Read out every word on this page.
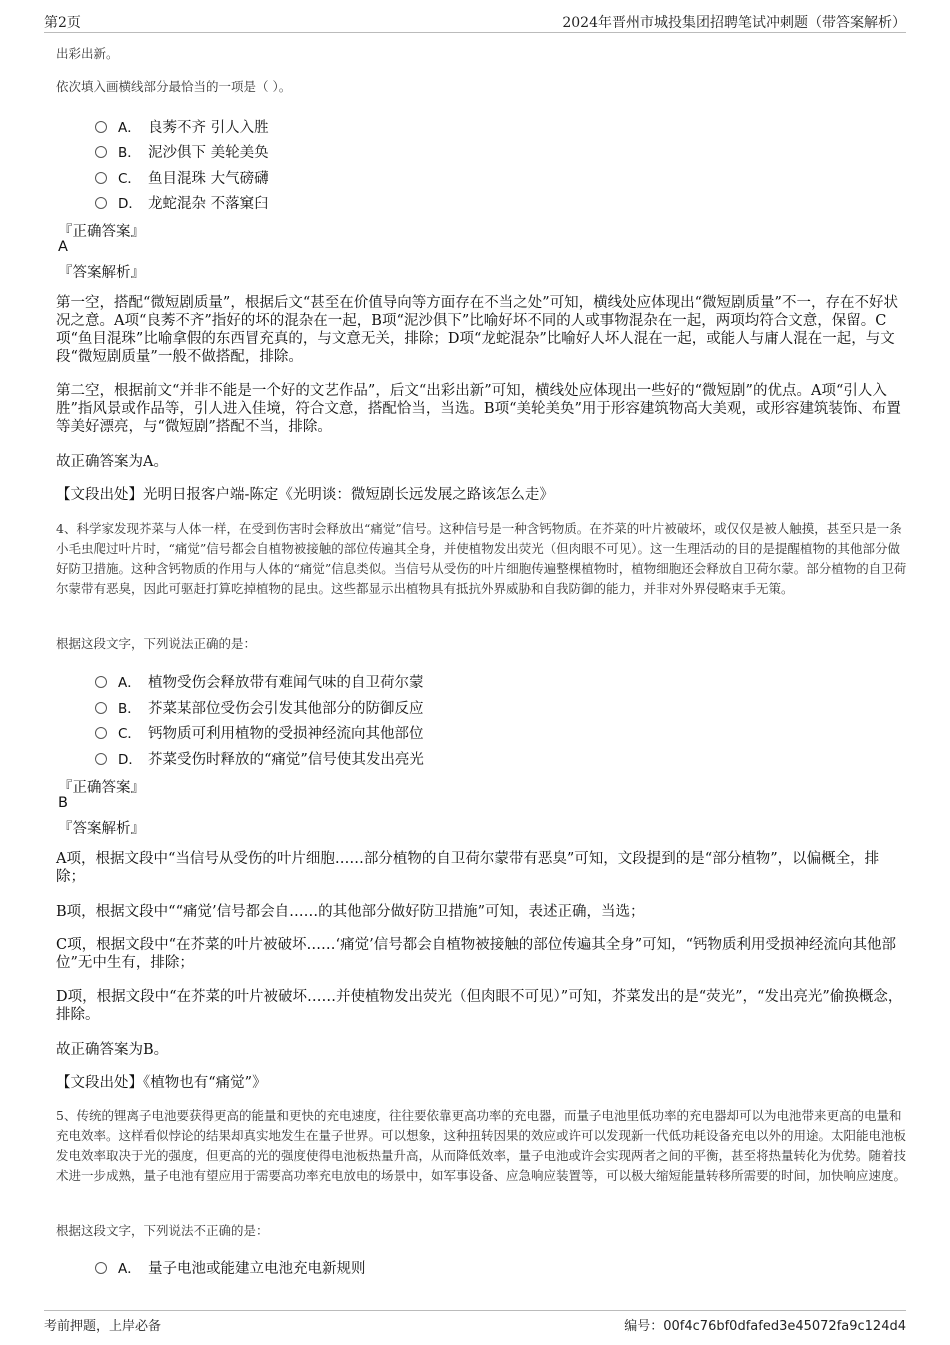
第2页	2024年晋州市城投集团招聘笔试冲刺题（带答案解析）

出彩出新。

依次填入画横线部分最恰当的一项是（ ）。

A． 良莠不齐 引人入胜
B． 泥沙俱下 美轮美奂
C． 鱼目混珠 大气磅礴
D． 龙蛇混杂 不落窠臼
『正确答案』
A
『答案解析』

第一空，搭配“微短剧质量”，根据后文“甚至在价值导向等方面存在不当之处”可知，横线处应体现出“微短剧质量”不一，存在不好状况之意。A项“良莠不齐”指好的坏的混杂在一起，B项“泥沙俱下”比喻好坏不同的人或事物混杂在一起，两项均符合文意，保留。C项“鱼目混珠”比喻拿假的东西冒充真的，与文意无关，排除；D项“龙蛇混杂”比喻好人坏人混在一起，或能人与庸人混在一起，与文段“微短剧质量”一般不做搭配，排除。

第二空，根据前文“并非不能是一个好的文艺作品”，后文“出彩出新”可知，横线处应体现出一些好的“微短剧”的优点。A项“引人入胜”指风景或作品等，引人进入佳境，符合文意，搭配恰当，当选。B项“美轮美奂”用于形容建筑物高大美观，或形容建筑装饰、布置等美好漂亮，与“微短剧”搭配不当，排除。

故正确答案为A。

【文段出处】光明日报客户端-陈定《光明谈：微短剧长远发展之路该怎么走》

4、科学家发现芥菜与人体一样，在受到伤害时会释放出“痛觉”信号。这种信号是一种含钙物质。在芥菜的叶片被破坏，或仅仅是被人触摸，甚至只是一条小毛虫爬过叶片时，“痛觉”信号都会自植物被接触的部位传遍其全身，并使植物发出荧光（但肉眼不可见）。这一生理活动的目的是提醒植物的其他部分做好防卫措施。这种含钙物质的作用与人体的“痛觉”信息类似。当信号从受伤的叶片细胞传遍整棵植物时，植物细胞还会释放自卫荷尔蒙。部分植物的自卫荷尔蒙带有恶臭，因此可驱赶打算吃掉植物的昆虫。这些都显示出植物具有抵抗外界威胁和自我防御的能力，并非对外界侵略束手无策。

根据这段文字，下列说法正确的是：

A． 植物受伤会释放带有难闻气味的自卫荷尔蒙
B． 芥菜某部位受伤会引发其他部分的防御反应
C． 钙物质可利用植物的受损神经流向其他部位
D． 芥菜受伤时释放的“痛觉”信号使其发出亮光
『正确答案』
B
『答案解析』

A项，根据文段中“当信号从受伤的叶片细胞……部分植物的自卫荷尔蒙带有恶臭”可知，文段提到的是“部分植物”，以偏概全，排除；

B项，根据文段中““痛觉’信号都会自……的其他部分做好防卫措施”可知，表述正确，当选；

C项，根据文段中“在芥菜的叶片被破坏……‘痛觉’信号都会自植物被接触的部位传遍其全身”可知，“钙物质利用受损神经流向其他部位”无中生有，排除；

D项，根据文段中“在芥菜的叶片被破坏……并使植物发出荧光（但肉眼不可见）”可知，芥菜发出的是“荧光”，“发出亮光”偷换概念，排除。

故正确答案为B。

【文段出处】《植物也有“痛觉”》

5、传统的锂离子电池要获得更高的能量和更快的充电速度，往往要依靠更高功率的充电器，而量子电池里低功率的充电器却可以为电池带来更高的电量和充电效率。这样看似悖论的结果却真实地发生在量子世界。可以想象，这种扭转因果的效应或许可以发现新一代低功耗设备充电以外的用途。太阳能电池板发电效率取决于光的强度，但更高的光的强度使得电池板热量升高，从而降低效率，量子电池或许会实现两者之间的平衡，甚至将热量转化为优势。随着技术进一步成熟，量子电池有望应用于需要高功率充电放电的场景中，如军事设备、应急响应装置等，可以极大缩短能量转移所需要的时间，加快响应速度。

根据这段文字，下列说法不正确的是：

A． 量子电池或能建立电池充电新规则
考前押题，上岸必备	编号：00f4c76bf0dfafed3e45072fa9c124d4
